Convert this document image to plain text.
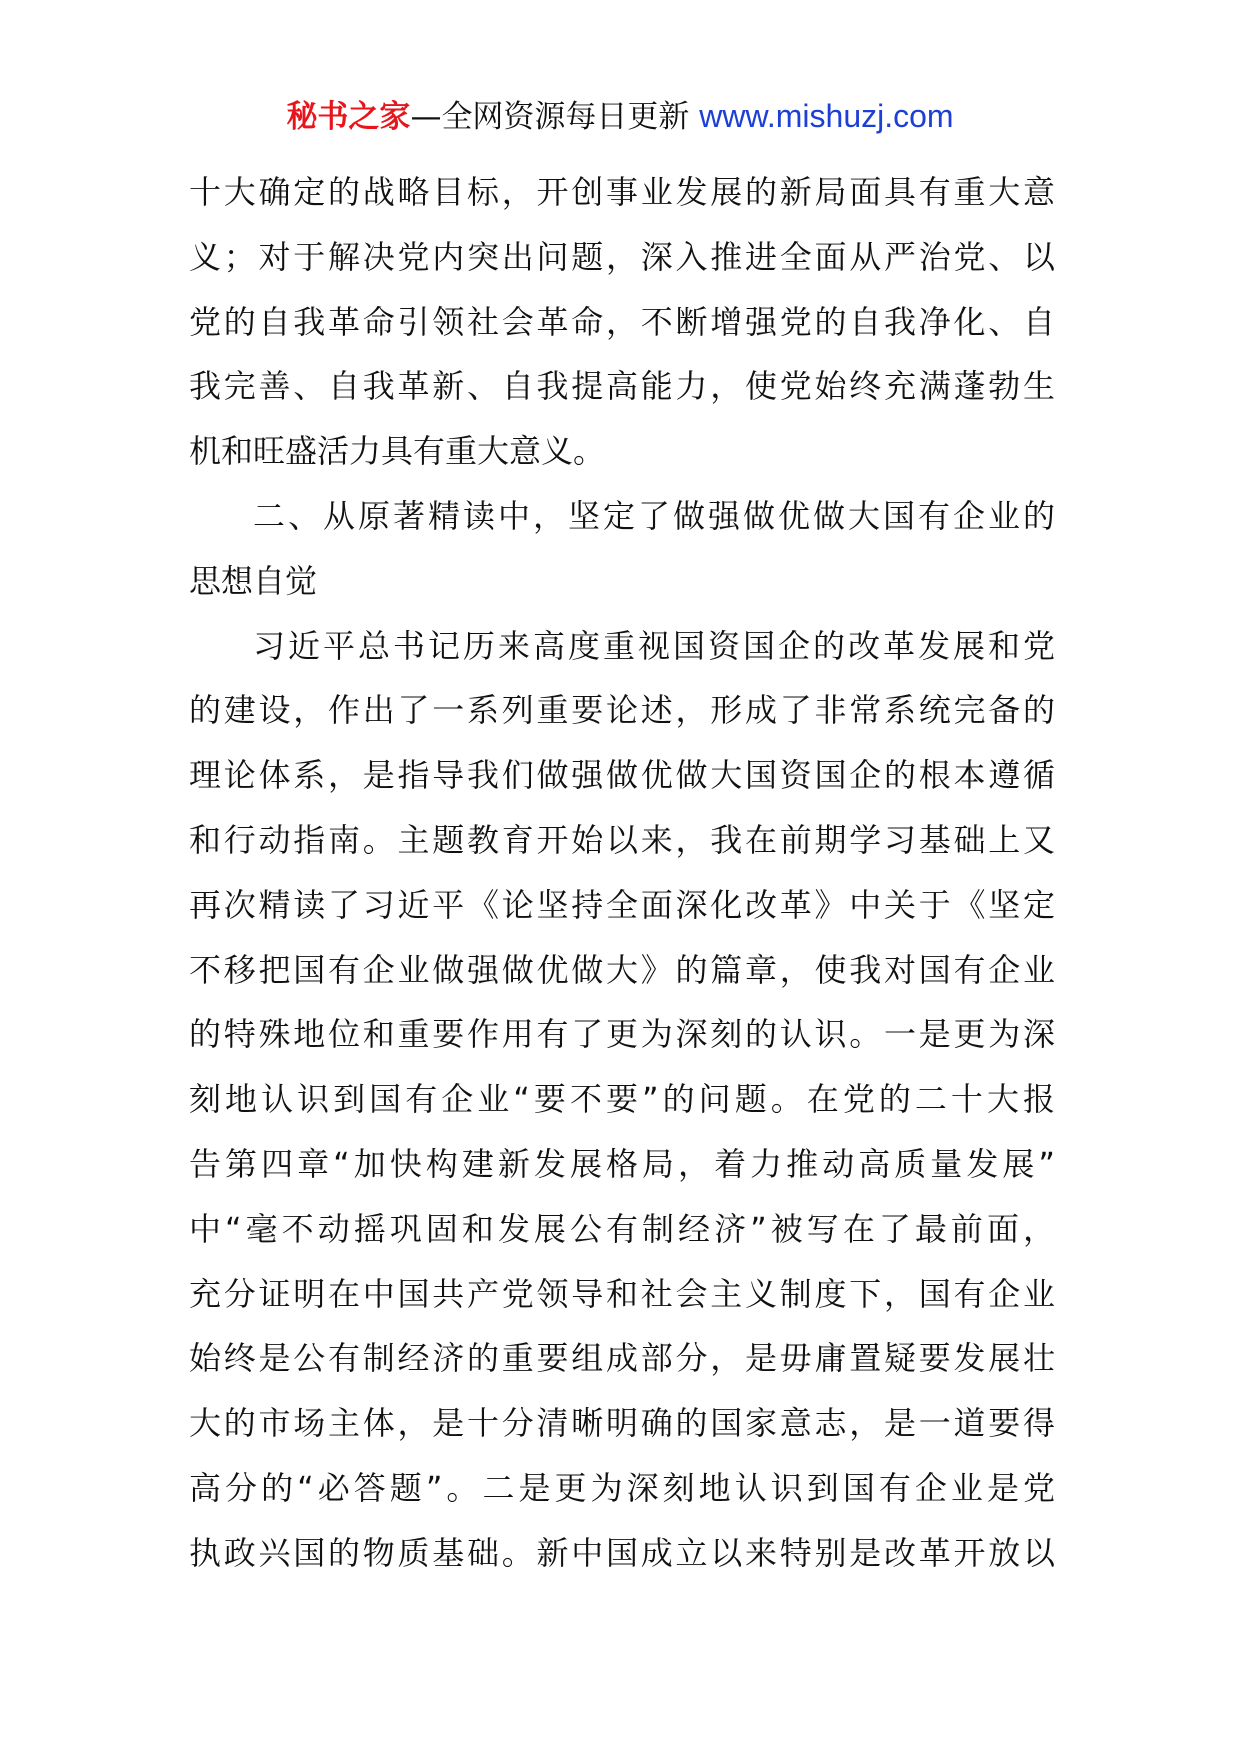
秘书之家—全网资源每日更新 www.mishuzj.com
十大确定的战略目标，开创事业发展的新局面具有重大意
义；对于解决党内突出问题，深入推进全面从严治党、以
党的自我革命引领社会革命，不断增强党的自我净化、自
我完善、自我革新、自我提高能力，使党始终充满蓬勃生
机和旺盛活力具有重大意义。
二、从原著精读中，坚定了做强做优做大国有企业的
思想自觉
习近平总书记历来高度重视国资国企的改革发展和党
的建设，作出了一系列重要论述，形成了非常系统完备的
理论体系，是指导我们做强做优做大国资国企的根本遵循
和行动指南。主题教育开始以来，我在前期学习基础上又
再次精读了习近平《论坚持全面深化改革》中关于《坚定
不移把国有企业做强做优做大》的篇章，使我对国有企业
的特殊地位和重要作用有了更为深刻的认识。一是更为深
刻地认识到国有企业“要不要”的问题。在党的二十大报
告第四章“加快构建新发展格局，着力推动高质量发展”
中“毫不动摇巩固和发展公有制经济”被写在了最前面，
充分证明在中国共产党领导和社会主义制度下，国有企业
始终是公有制经济的重要组成部分，是毋庸置疑要发展壮
大的市场主体，是十分清晰明确的国家意志，是一道要得
高分的“必答题”。二是更为深刻地认识到国有企业是党
执政兴国的物质基础。新中国成立以来特别是改革开放以
